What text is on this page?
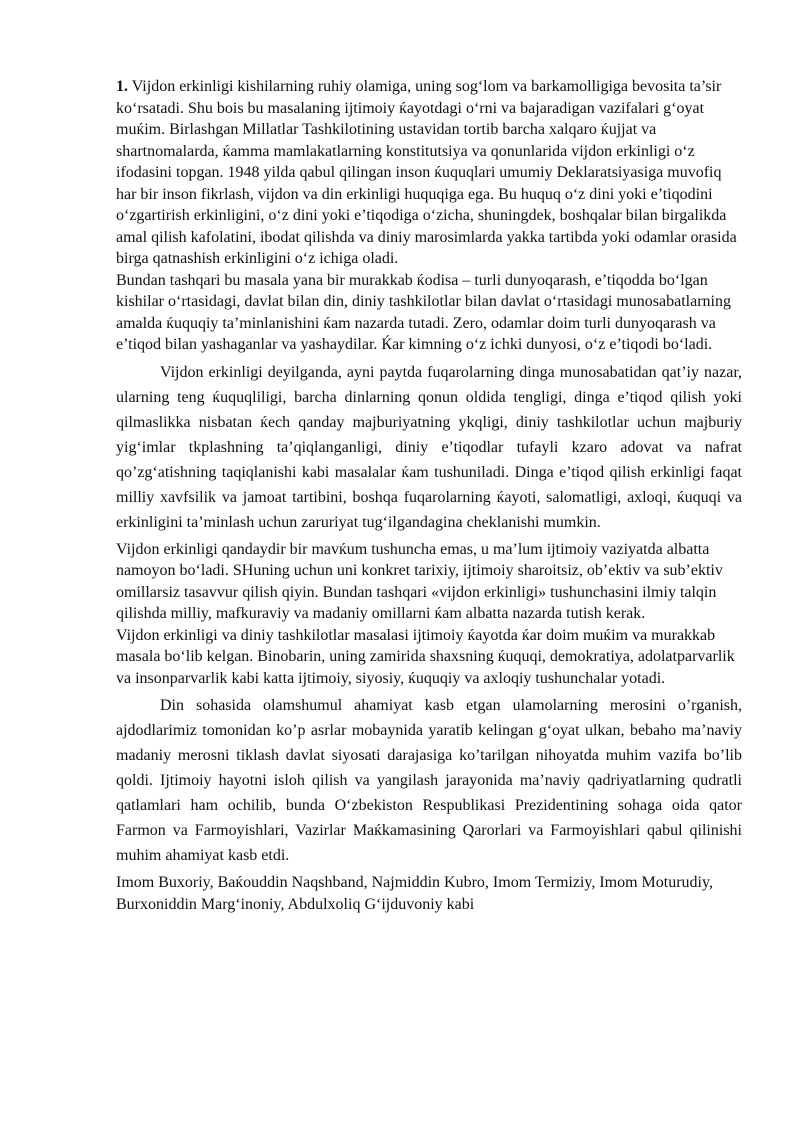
1. Vijdon erkinligi kishilarning ruhiy olamiga, uning sog‘lom va barkamolligiga bevosita ta’sir ko‘rsatadi. Shu bois bu masalaning ijtimoiy ќayotdagi o‘rni va bajaradigan vazifalari g‘oyat muќim. Birlashgan Millatlar Tashkilotining ustavidan tortib barcha xalqaro ќujjat va shartnomalarda, ќamma mamlakatlarning konstitutsiya va qonunlarida vijdon erkinligi o‘z ifodasini topgan. 1948 yilda qabul qilingan inson ќuquqlari umumiy Deklaratsiyasiga muvofiq har bir inson fikrlash, vijdon va din erkinligi huquqiga ega. Bu huquq o‘z dini yoki e’tiqodini o‘zgartirish erkinligini, o‘z dini yoki e’tiqodiga o‘zicha, shuningdek, boshqalar bilan birgalikda amal qilish kafolatini, ibodat qilishda va diniy marosimlarda yakka tartibda yoki odamlar orasida birga qatnashish erkinligini o‘z ichiga oladi.

Bundan tashqari bu masala yana bir murakkab ќodisa – turli dunyoqarash, e’tiqodda bo‘lgan kishilar o‘rtasidagi, davlat bilan din, diniy tashkilotlar bilan davlat o‘rtasidagi munosabatlarning amalda ќuquqiy ta’minlanishini ќam nazarda tutadi. Zero, odamlar doim turli dunyoqarash va e’tiqod bilan yashaganlar va yashaydilar. Ќar kimning o‘z ichki dunyosi, o‘z e’tiqodi bo‘ladi.

Vijdon erkinligi deyilganda, ayni paytda fuqarolarning dinga munosabatidan qat’iy nazar, ularning teng ќuquqliligi, barcha dinlarning qonun oldida tengligi, dinga e’tiqod qilish yoki qilmaslikka nisbatan ќech qanday majburiyatning ykqligi, diniy tashkilotlar uchun majburiy yig‘imlar tkplashning ta’qiqlanganligi, diniy e’tiqodlar tufayli kzaro adovat va nafrat qo’zg‘atishning taqiqlanishi kabi masalalar ќam tushuniladi. Dinga e’tiqod qilish erkinligi faqat milliy xavfsilik va jamoat tartibini, boshqa fuqarolarning ќayoti, salomatligi, axloqi, ќuquqi va erkinligini ta’minlash uchun zaruriyat tug‘ilgandagina cheklanishi mumkin.

Vijdon erkinligi qandaydir bir mavќum tushuncha emas, u ma’lum ijtimoiy vaziyatda albatta namoyon bo‘ladi. SHuning uchun uni konkret tarixiy, ijtimoiy sharoitsiz, ob’ektiv va sub’ektiv omillarsiz tasavvur qilish qiyin. Bundan tashqari «vijdon erkinligi» tushunchasini ilmiy talqin qilishda milliy, mafkuraviy va madaniy omillarni ќam albatta nazarda tutish kerak.

Vijdon erkinligi va diniy tashkilotlar masalasi ijtimoiy ќayotda ќar doim muќim va murakkab masala bo‘lib kelgan. Binobarin, uning zamirida shaxsning ќuquqi, demokratiya, adolatparvarlik va insonparvarlik kabi katta ijtimoiy, siyosiy, ќuquqiy va axloqiy tushunchalar yotadi.

Din sohasida olamshumul ahamiyat kasb etgan ulamolarning merosini o’rganish, ajdodlarimiz tomonidan ko’p asrlar mobaynida yaratib kelingan g‘oyat ulkan, bebaho ma’naviy madaniy merosni tiklash davlat siyosati darajasiga ko’tarilgan nihoyatda muhim vazifa bo’lib qoldi. Ijtimoiy hayotni isloh qilish va yangilash jarayonida ma’naviy qadriyatlarning qudratli qatlamlari ham ochilib, bunda O‘zbekiston Respublikasi Prezidentining sohaga oida qator Farmon va Farmoyishlari, Vazirlar Maќkamasining Qarorlari va Farmoyishlari qabul qilinishi muhim ahamiyat kasb etdi.

Imom Buxoriy, Baќouddin Naqshband, Najmiddin Kubro, Imom Termiziy, Imom Moturudiy, Burxoniddin Marg‘inoniy, Abdulxoliq G‘ijduvoniy kabi
